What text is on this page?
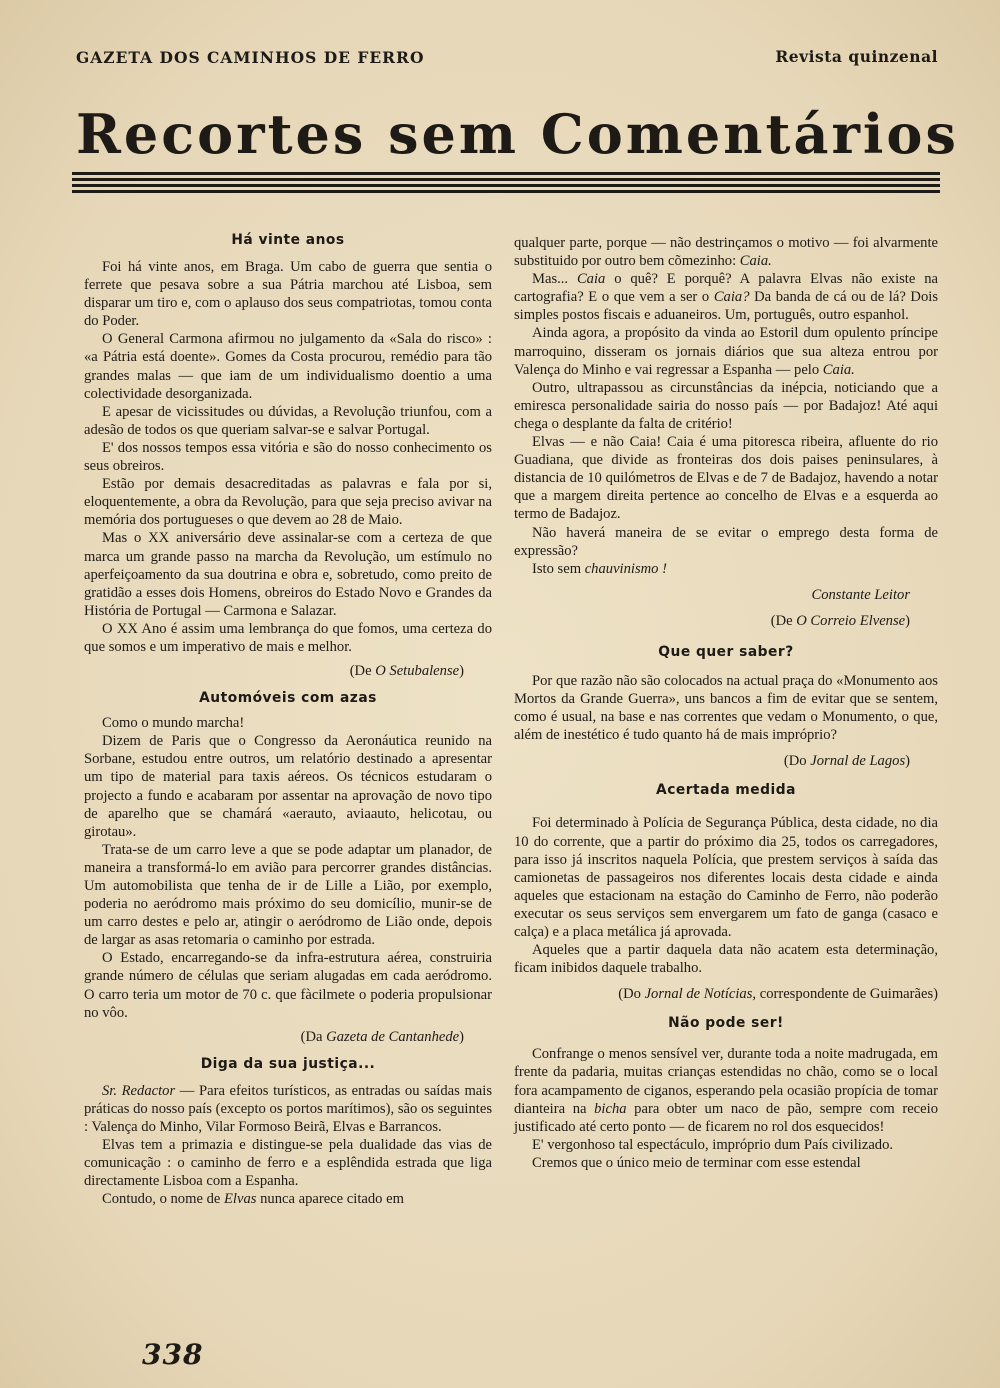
GAZETA DOS CAMINHOS DE FERRO	Revista quinzenal
Recortes sem Comentários
Há vinte anos

Foi há vinte anos, em Braga. Um cabo de guerra que sentia o ferrete que pesava sobre a sua Pátria marchou até Lisboa, sem disparar um tiro e, com o aplauso dos seus compatriotas, tomou conta do Poder.

O General Carmona afirmou no julgamento da «Sala do risco» : «a Pátria está doente». Gomes da Costa procurou, remédio para tão grandes malas — que iam de um individualismo doentio a uma colectividade desorganizada.

E apesar de vicissitudes ou dúvidas, a Revolução triunfou, com a adesão de todos os que queriam salvar-se e salvar Portugal.

E' dos nossos tempos essa vitória e são do nosso conhecimento os seus obreiros.

Estão por demais desacreditadas as palavras e fala por si, eloquentemente, a obra da Revolução, para que seja preciso avivar na memória dos portugueses o que devem ao 28 de Maio.

Mas o XX aniversário deve assinalar-se com a certeza de que marca um grande passo na marcha da Revolução, um estímulo no aperfeiçoamento da sua doutrina e obra e, sobretudo, como preito de gratidão a esses dois Homens, obreiros do Estado Novo e Grandes da História de Portugal — Carmona e Salazar.

O XX Ano é assim uma lembrança do que fomos, uma certeza do que somos e um imperativo de mais e melhor.

(De O Setubalense)

Automóveis com azas

Como o mundo marcha!

Dizem de Paris que o Congresso da Aeronáutica reunido na Sorbane, estudou entre outros, um relatório destinado a apresentar um tipo de material para taxis aéreos. Os técnicos estudaram o projecto a fundo e acabaram por assentar na aprovação de novo tipo de aparelho que se chamárá «aerauto, aviaauto, helicotau, ou girotau».

Trata-se de um carro leve a que se pode adaptar um planador, de maneira a transformá-lo em avião para percorrer grandes distâncias. Um automobilista que tenha de ir de Lille a Lião, por exemplo, poderia no aeródromo mais próximo do seu domicílio, munir-se de um carro destes e pelo ar, atingir o aeródromo de Lião onde, depois de largar as asas retomaria o caminho por estrada.

O Estado, encarregando-se da infra-estrutura aérea, construiria grande número de células que seriam alugadas em cada aeródromo. O carro teria um motor de 70 c. que fàcilmete o poderia propulsionar no vôo.

(Da Gazeta de Cantanhede)

Diga da sua justiça...

Sr. Redactor — Para efeitos turísticos, as entradas ou saídas mais práticas do nosso país (excepto os portos marítimos), são os seguintes : Valença do Minho, Vilar Formoso Beirã, Elvas e Barrancos.

Elvas tem a primazia e distingue-se pela dualidade das vias de comunicação : o caminho de ferro e a esplêndida estrada que liga directamente Lisboa com a Espanha.

Contudo, o nome de Elvas nunca aparece citado em

qualquer parte, porque — não destrinçamos o motivo — foi alvarmente substituido por outro bem cõmezinho: Caia.

Mas... Caia o quê? E porquê? A palavra Elvas não existe na cartografia? E o que vem a ser o Caia? Da banda de cá ou de lá? Dois simples postos fiscais e aduaneiros. Um, português, outro espanhol.

Ainda agora, a propósito da vinda ao Estoril dum opulento príncipe marroquino, disseram os jornais diários que sua alteza entrou por Valença do Minho e vai regressar a Espanha — pelo Caia.

Outro, ultrapassou as circunstâncias da inépcia, noticiando que a emiresca personalidade sairia do nosso país — por Badajoz! Até aqui chega o desplante da falta de critério!

Elvas — e não Caia! Caia é uma pitoresca ribeira, afluente do rio Guadiana, que divide as fronteiras dos dois paises peninsulares, à distancia de 10 quilómetros de Elvas e de 7 de Badajoz, havendo a notar que a margem direita pertence ao concelho de Elvas e a esquerda ao termo de Badajoz.

Não haverá maneira de se evitar o emprego desta forma de expressão?

Isto sem chauvinismo !

Constante Leitor

(De O Correio Elvense)

Que quer saber?

Por que razão não são colocados na actual praça do «Monumento aos Mortos da Grande Guerra», uns bancos a fim de evitar que se sentem, como é usual, na base e nas correntes que vedam o Monumento, o que, além de inestético é tudo quanto há de mais impróprio?

(Do Jornal de Lagos)

Acertada medida

Foi determinado à Polícia de Segurança Pública, desta cidade, no dia 10 do corrente, que a partir do próximo dia 25, todos os carregadores, para isso já inscritos naquela Polícia, que prestem serviços à saída das camionetas de passageiros nos diferentes locais desta cidade e ainda aqueles que estacionam na estação do Caminho de Ferro, não poderão executar os seus serviços sem envergarem um fato de ganga (casaco e calça) e a placa metálica já aprovada.

Aqueles que a partir daquela data não acatem esta determinação, ficam inibidos daquele trabalho.

(Do Jornal de Notícias, correspondente de Guimarães)

Não pode ser!

Confrange o menos sensível ver, durante toda a noite madrugada, em frente da padaria, muitas crianças estendidas no chão, como se o local fora acampamento de ciganos, esperando pela ocasião propícia de tomar dianteira na bicha para obter um naco de pão, sempre com receio justificado até certo ponto — de ficarem no rol dos esquecidos!

E' vergonhoso tal espectáculo, impróprio dum País civilizado.

Cremos que o único meio de terminar com esse estendal

338
